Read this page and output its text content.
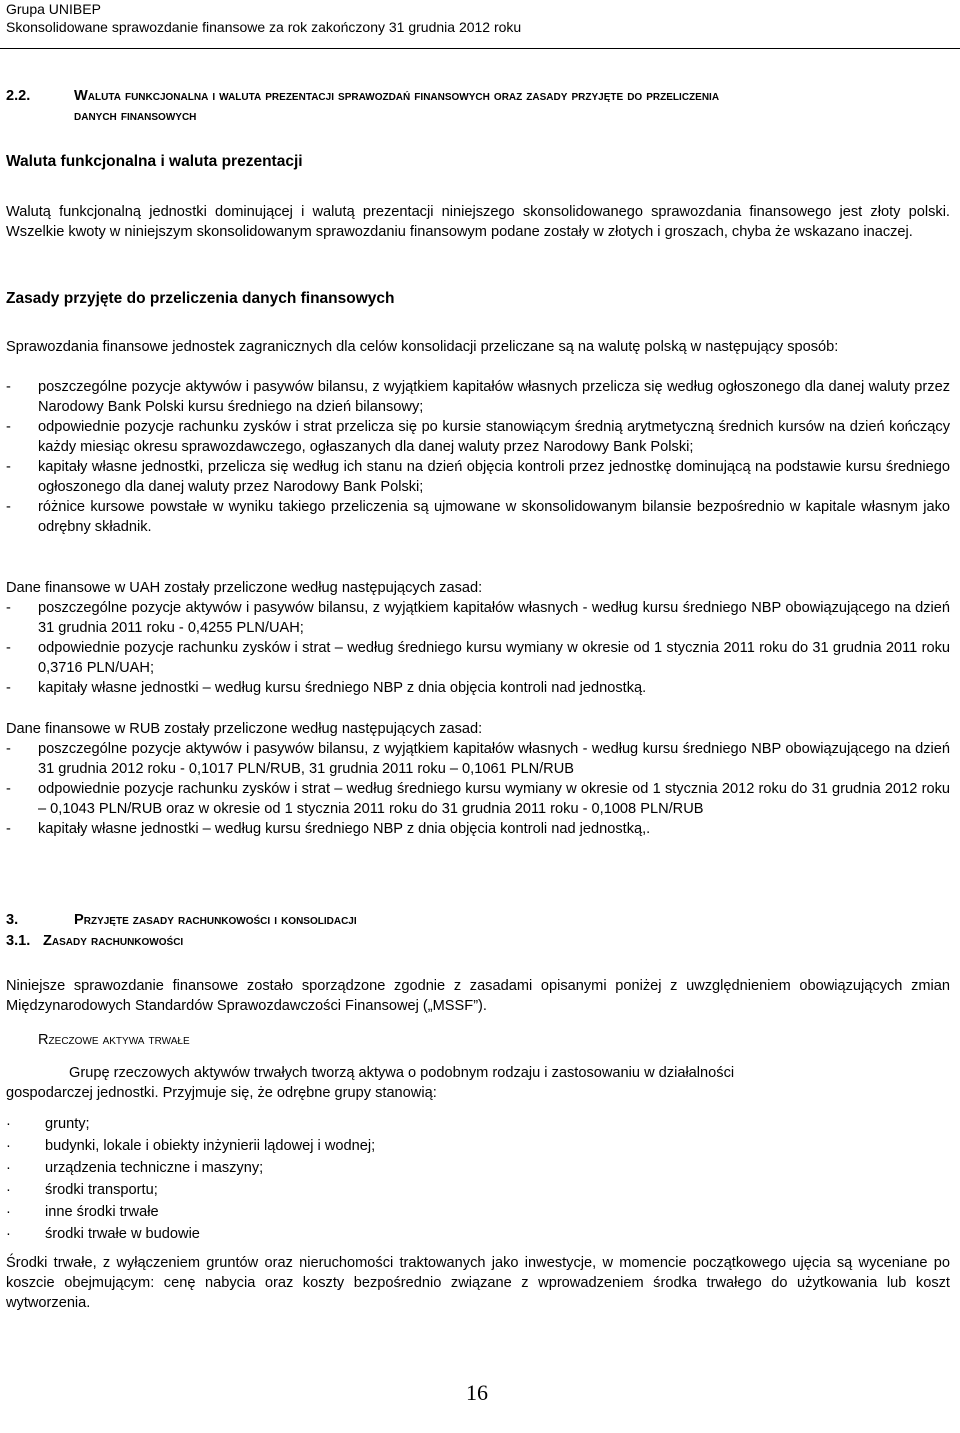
Grupa UNIBEP
Skonsolidowane sprawozdanie finansowe za rok zakończony 31 grudnia 2012 roku
2.2.	Waluta funkcjonalna i waluta prezentacji sprawozdań finansowych oraz zasady przyjęte do przeliczenia
danych finansowych
Waluta funkcjonalna i waluta prezentacji
Walutą funkcjonalną jednostki dominującej i walutą prezentacji niniejszego skonsolidowanego sprawozdania finansowego jest złoty polski. Wszelkie kwoty w niniejszym skonsolidowanym sprawozdaniu finansowym podane zostały w złotych i groszach, chyba że wskazano inaczej.
Zasady przyjęte do przeliczenia danych finansowych
Sprawozdania finansowe jednostek zagranicznych dla celów konsolidacji przeliczane są na walutę polską w następujący sposób:
- poszczególne pozycje aktywów i pasywów bilansu, z wyjątkiem kapitałów własnych przelicza się według ogłoszonego dla danej waluty przez Narodowy Bank Polski kursu średniego na dzień bilansowy;
- odpowiednie pozycje rachunku zysków i strat przelicza się po kursie stanowiącym średnią arytmetyczną średnich kursów na dzień kończący każdy miesiąc okresu sprawozdawczego, ogłaszanych dla danej waluty przez Narodowy Bank Polski;
- kapitały własne jednostki, przelicza się według ich stanu na dzień objęcia kontroli przez jednostkę dominującą na podstawie kursu średniego ogłoszonego dla danej waluty przez Narodowy Bank Polski;
- różnice kursowe powstałe w wyniku takiego przeliczenia są ujmowane w skonsolidowanym bilansie bezpośrednio w kapitale własnym jako odrębny składnik.
Dane finansowe w UAH zostały przeliczone według następujących zasad:
- poszczególne pozycje aktywów i pasywów bilansu, z wyjątkiem kapitałów własnych - według kursu średniego NBP obowiązującego na dzień 31 grudnia 2011 roku - 0,4255 PLN/UAH;
- odpowiednie pozycje rachunku zysków i strat – według średniego kursu wymiany w okresie od 1 stycznia 2011 roku do 31 grudnia 2011 roku 0,3716 PLN/UAH;
- kapitały własne jednostki – według kursu średniego NBP z dnia objęcia kontroli nad jednostką.
Dane finansowe w RUB zostały przeliczone według następujących zasad:
- poszczególne pozycje aktywów i pasywów bilansu, z wyjątkiem kapitałów własnych - według kursu średniego NBP obowiązującego na dzień 31 grudnia 2012 roku - 0,1017 PLN/RUB, 31 grudnia 2011 roku – 0,1061 PLN/RUB
- odpowiednie pozycje rachunku zysków i strat – według średniego kursu wymiany w okresie od 1 stycznia 2012 roku do 31 grudnia 2012 roku – 0,1043 PLN/RUB oraz w okresie od 1 stycznia 2011 roku do 31 grudnia 2011 roku - 0,1008 PLN/RUB
- kapitały własne jednostki – według kursu średniego NBP z dnia objęcia kontroli nad jednostką,.
3.	Przyjęte zasady rachunkowości i konsolidacji
3.1. Zasady rachunkowości
Niniejsze sprawozdanie finansowe zostało sporządzone zgodnie z zasadami opisanymi poniżej z uwzględnieniem obowiązujących zmian Międzynarodowych Standardów Sprawozdawczości Finansowej („MSSF”).
Rzeczowe aktywa trwałe
Grupę rzeczowych aktywów trwałych tworzą aktywa o podobnym rodzaju i zastosowaniu w działalności
gospodarczej jednostki. Przyjmuje się, że odrębne grupy stanowią:
· grunty;
· budynki, lokale i obiekty inżynierii lądowej i wodnej;
· urządzenia techniczne i maszyny;
· środki transportu;
· inne środki trwałe
· środki trwałe w budowie
Środki trwałe, z wyłączeniem gruntów oraz nieruchomości traktowanych jako inwestycje, w momencie początkowego ujęcia są wyceniane po koszcie obejmującym: cenę nabycia oraz koszty bezpośrednio związane z wprowadzeniem środka trwałego do użytkowania lub koszt wytworzenia.
16
